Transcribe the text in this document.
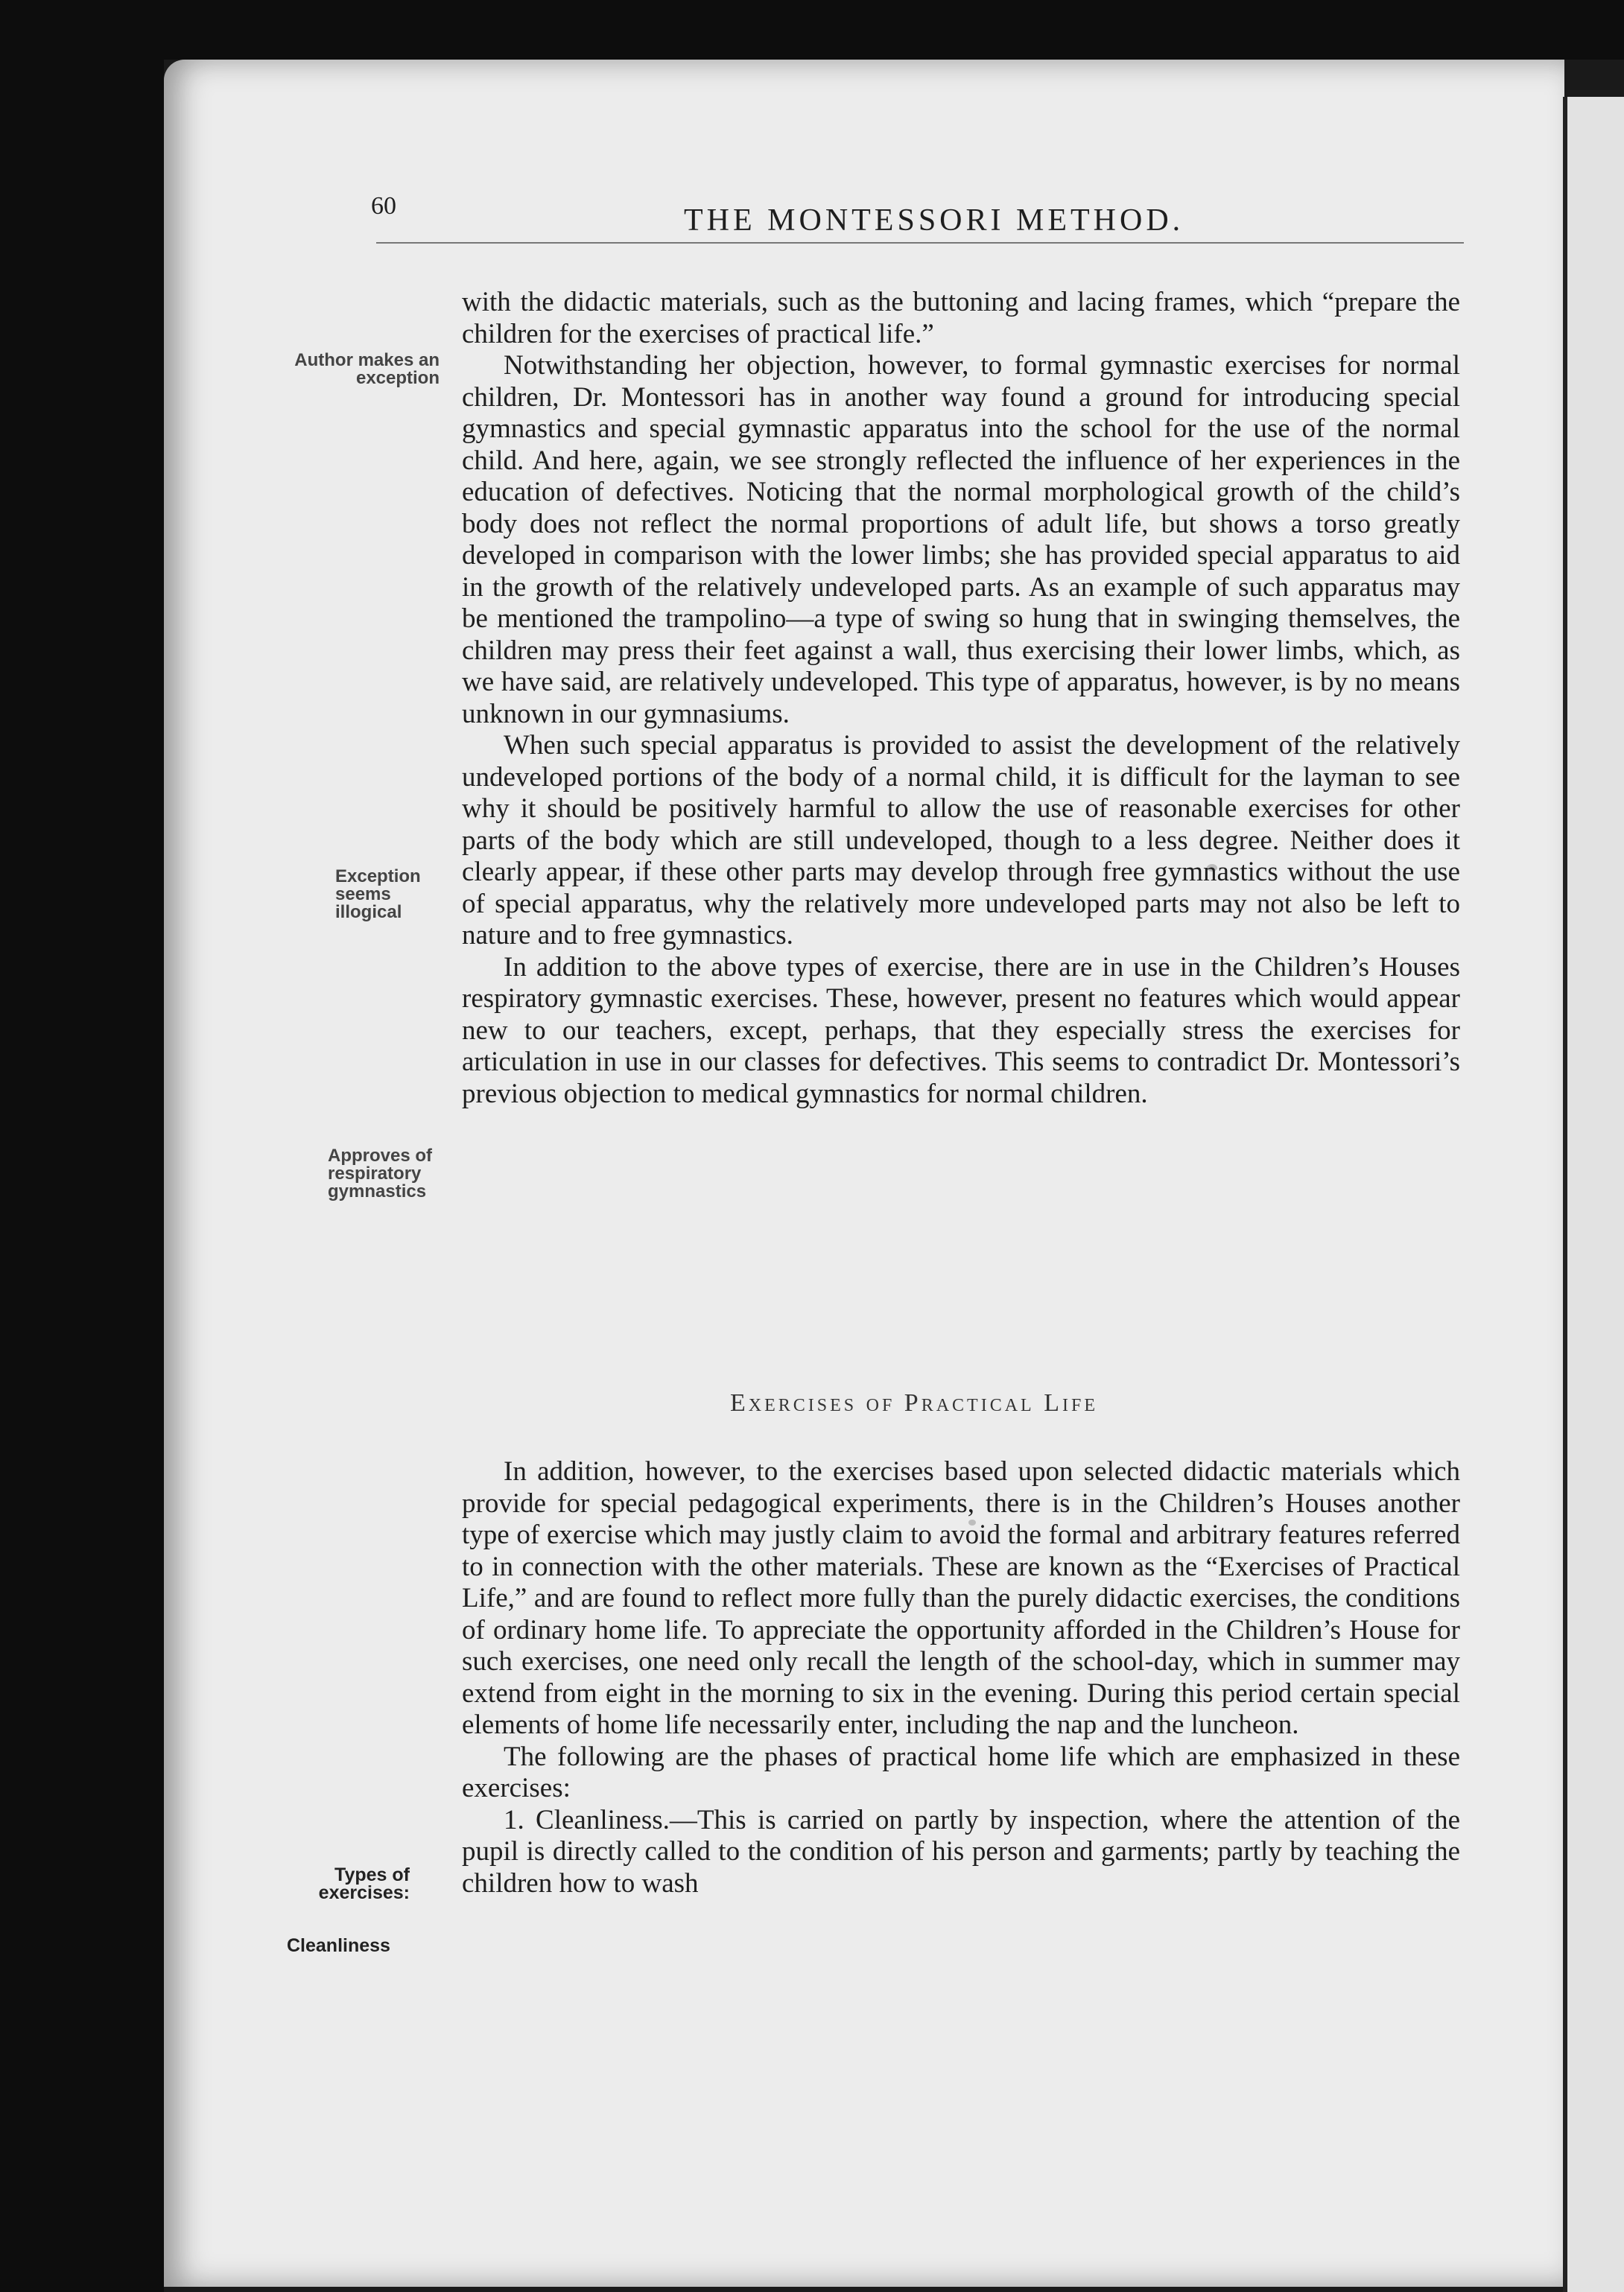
60	THE MONTESSORI METHOD.
Author makes an exception
Exception seems illogical
Approves of respiratory gymnastics
Types of exercises:
Cleanliness

with the didactic materials, such as the buttoning and lacing frames, which “prepare the children for the exercises of practical life.”

Notwithstanding her objection, however, to formal gymnastic exercises for normal children, Dr. Montessori has in another way found a ground for introducing special gymnastics and special gymnastic apparatus into the school for the use of the normal child. And here, again, we see strongly reflected the influence of her experiences in the education of defectives. Noticing that the normal morphological growth of the child’s body does not reflect the normal proportions of adult life, but shows a torso greatly developed in comparison with the lower limbs; she has provided special apparatus to aid in the growth of the relatively undeveloped parts. As an example of such apparatus may be mentioned the trampolino—a type of swing so hung that in swinging themselves, the children may press their feet against a wall, thus exercising their lower limbs, which, as we have said, are relatively undeveloped. This type of apparatus, however, is by no means unknown in our gymnasiums.

When such special apparatus is provided to assist the development of the relatively undeveloped portions of the body of a normal child, it is difficult for the layman to see why it should be positively harmful to allow the use of reasonable exercises for other parts of the body which are still undeveloped, though to a less degree. Neither does it clearly appear, if these other parts may develop through free gymnastics without the use of special apparatus, why the relatively more undeveloped parts may not also be left to nature and to free gymnastics.

In addition to the above types of exercise, there are in use in the Children’s Houses respiratory gymnastic exercises. These, however, present no features which would appear new to our teachers, except, perhaps, that they especially stress the exercises for articulation in use in our classes for defectives. This seems to contradict Dr. Montessori’s previous objection to medical gymnastics for normal children.

Exercises of Practical Life

In addition, however, to the exercises based upon selected didactic materials which provide for special pedagogical experiments, there is in the Children’s Houses another type of exercise which may justly claim to avoid the formal and arbitrary features referred to in connection with the other materials. These are known as the “Exercises of Practical Life,” and are found to reflect more fully than the purely didactic exercises, the conditions of ordinary home life. To appreciate the opportunity afforded in the Children’s House for such exercises, one need only recall the length of the school-day, which in summer may extend from eight in the morning to six in the evening. During this period certain special elements of home life necessarily enter, including the nap and the luncheon.

The following are the phases of practical home life which are emphasized in these exercises:

1. Cleanliness.—This is carried on partly by inspection, where the attention of the pupil is directly called to the condition of his person and garments; partly by teaching the children how to wash
